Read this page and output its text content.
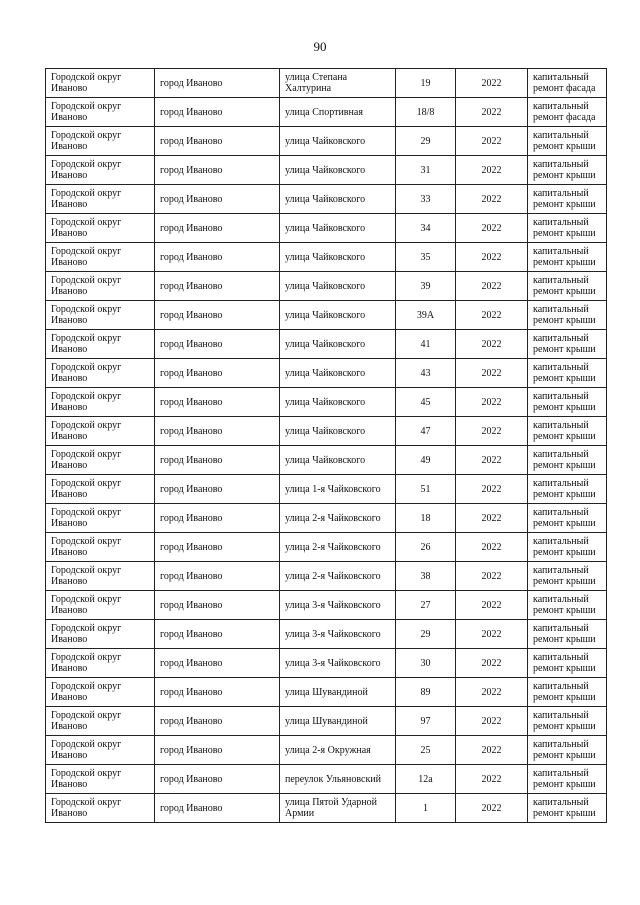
90
Городской округ Иваново	город Иваново	улица Степана Халтурина	19	2022	капитальный ремонт фасада
Городской округ Иваново	город Иваново	улица Спортивная	18/8	2022	капитальный ремонт фасада
Городской округ Иваново	город Иваново	улица Чайковского	29	2022	капитальный ремонт крыши
Городской округ Иваново	город Иваново	улица Чайковского	31	2022	капитальный ремонт крыши
Городской округ Иваново	город Иваново	улица Чайковского	33	2022	капитальный ремонт крыши
Городской округ Иваново	город Иваново	улица Чайковского	34	2022	капитальный ремонт крыши
Городской округ Иваново	город Иваново	улица Чайковского	35	2022	капитальный ремонт крыши
Городской округ Иваново	город Иваново	улица Чайковского	39	2022	капитальный ремонт крыши
Городской округ Иваново	город Иваново	улица Чайковского	39А	2022	капитальный ремонт крыши
Городской округ Иваново	город Иваново	улица Чайковского	41	2022	капитальный ремонт крыши
Городской округ Иваново	город Иваново	улица Чайковского	43	2022	капитальный ремонт крыши
Городской округ Иваново	город Иваново	улица Чайковского	45	2022	капитальный ремонт крыши
Городской округ Иваново	город Иваново	улица Чайковского	47	2022	капитальный ремонт крыши
Городской округ Иваново	город Иваново	улица Чайковского	49	2022	капитальный ремонт крыши
Городской округ Иваново	город Иваново	улица 1-я Чайковского	51	2022	капитальный ремонт крыши
Городской округ Иваново	город Иваново	улица 2-я Чайковского	18	2022	капитальный ремонт крыши
Городской округ Иваново	город Иваново	улица 2-я Чайковского	26	2022	капитальный ремонт крыши
Городской округ Иваново	город Иваново	улица 2-я Чайковского	38	2022	капитальный ремонт крыши
Городской округ Иваново	город Иваново	улица 3-я Чайковского	27	2022	капитальный ремонт крыши
Городской округ Иваново	город Иваново	улица 3-я Чайковского	29	2022	капитальный ремонт крыши
Городской округ Иваново	город Иваново	улица 3-я Чайковского	30	2022	капитальный ремонт крыши
Городской округ Иваново	город Иваново	улица Шувандиной	89	2022	капитальный ремонт крыши
Городской округ Иваново	город Иваново	улица Шувандиной	97	2022	капитальный ремонт крыши
Городской округ Иваново	город Иваново	улица 2-я Окружная	25	2022	капитальный ремонт крыши
Городской округ Иваново	город Иваново	переулок Ульяновский	12а	2022	капитальный ремонт крыши
Городской округ Иваново	город Иваново	улица Пятой Ударной Армии	1	2022	капитальный ремонт крыши
